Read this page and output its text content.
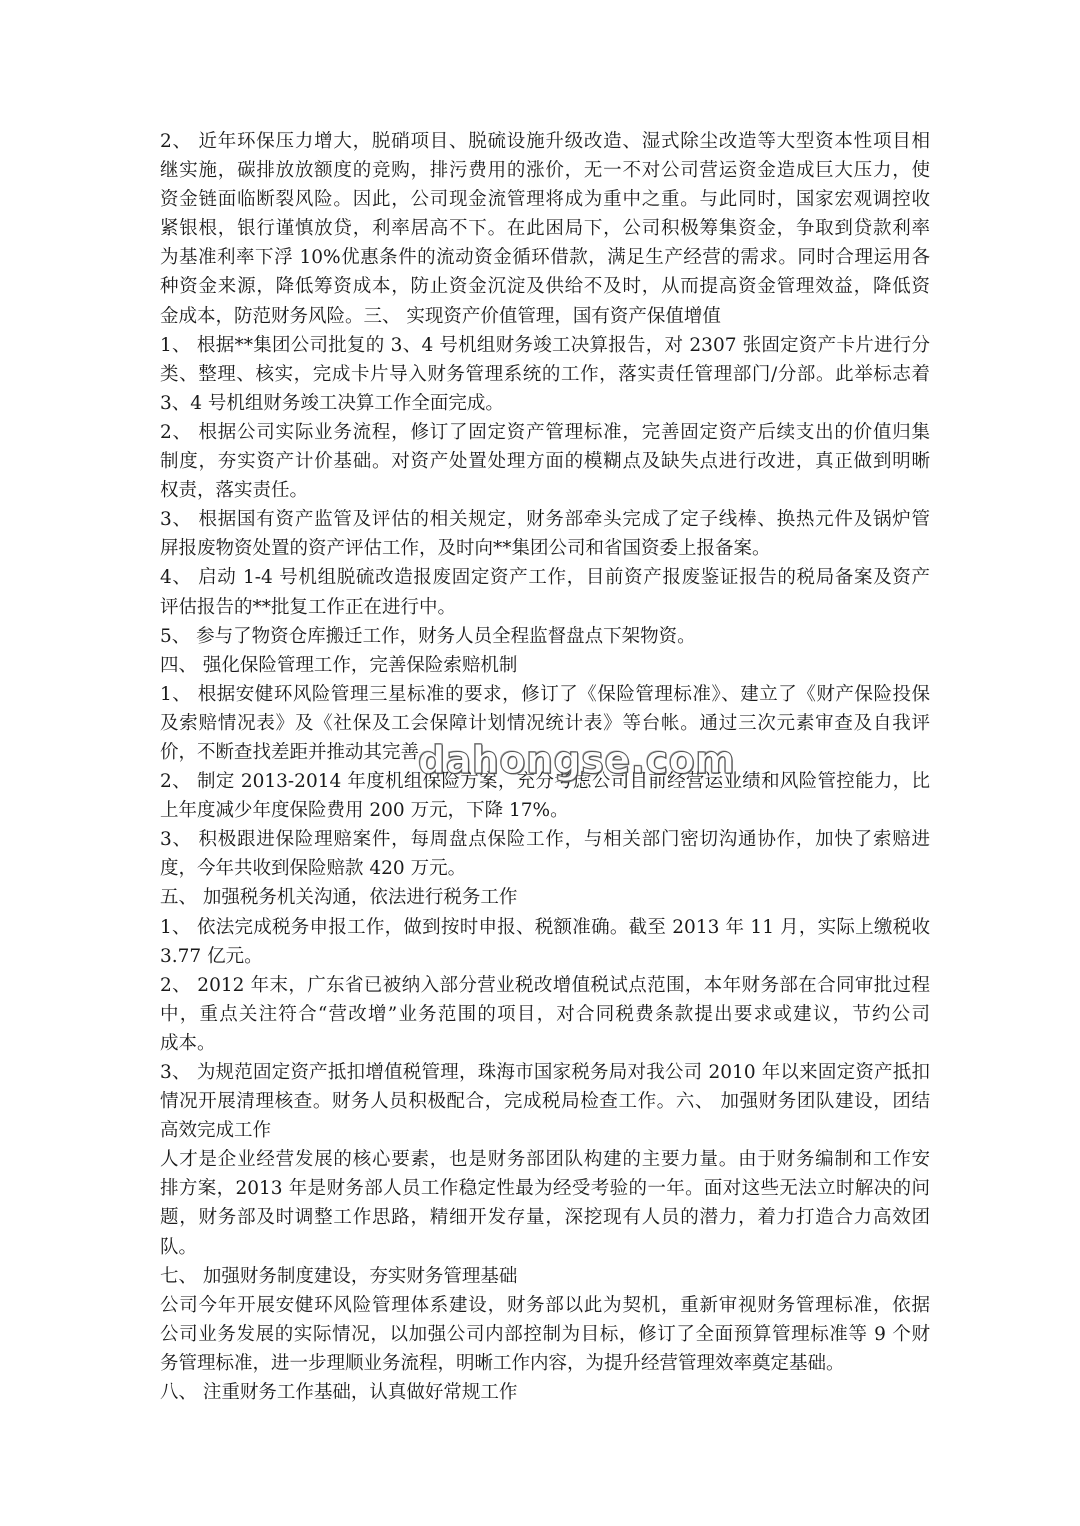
2、 近年环保压力增大，脱硝项目、脱硫设施升级改造、湿式除尘改造等大型资本性项目相
继实施，碳排放放额度的竞购，排污费用的涨价，无一不对公司营运资金造成巨大压力，使
资金链面临断裂风险。因此，公司现金流管理将成为重中之重。与此同时，国家宏观调控收
紧银根，银行谨慎放贷，利率居高不下。在此困局下，公司积极筹集资金，争取到贷款利率
为基准利率下浮 10%优惠条件的流动资金循环借款，满足生产经营的需求。同时合理运用各
种资金来源，降低筹资成本，防止资金沉淀及供给不及时，从而提高资金管理效益，降低资
金成本，防范财务风险。三、 实现资产价值管理，国有资产保值增值
1、 根据**集团公司批复的 3、4 号机组财务竣工决算报告，对 2307 张固定资产卡片进行分
类、整理、核实，完成卡片导入财务管理系统的工作，落实责任管理部门/分部。此举标志着
3、4 号机组财务竣工决算工作全面完成。
2、 根据公司实际业务流程，修订了固定资产管理标准，完善固定资产后续支出的价值归集
制度，夯实资产计价基础。对资产处置处理方面的模糊点及缺失点进行改进，真正做到明晰
权责，落实责任。
3、 根据国有资产监管及评估的相关规定，财务部牵头完成了定子线棒、换热元件及锅炉管
屏报废物资处置的资产评估工作，及时向**集团公司和省国资委上报备案。
4、 启动 1-4 号机组脱硫改造报废固定资产工作，目前资产报废鉴证报告的税局备案及资产
评估报告的**批复工作正在进行中。
5、 参与了物资仓库搬迁工作，财务人员全程监督盘点下架物资。
四、 强化保险管理工作，完善保险索赔机制
1、 根据安健环风险管理三星标准的要求，修订了《保险管理标准》、建立了《财产保险投保
及索赔情况表》及《社保及工会保障计划情况统计表》等台帐。通过三次元素审查及自我评
价，不断查找差距并推动其完善。
2、 制定 2013-2014 年度机组保险方案，充分考虑公司目前经营运业绩和风险管控能力，比
上年度减少年度保险费用 200 万元，下降 17%。
3、 积极跟进保险理赔案件，每周盘点保险工作，与相关部门密切沟通协作，加快了索赔进
度，今年共收到保险赔款 420 万元。
五、 加强税务机关沟通，依法进行税务工作
1、 依法完成税务申报工作，做到按时申报、税额准确。截至 2013 年 11 月，实际上缴税收
3.77 亿元。
2、 2012 年末，广东省已被纳入部分营业税改增值税试点范围，本年财务部在合同审批过程
中，重点关注符合“营改增”业务范围的项目，对合同税费条款提出要求或建议，节约公司
成本。
3、 为规范固定资产抵扣增值税管理，珠海市国家税务局对我公司 2010 年以来固定资产抵扣
情况开展清理核查。财务人员积极配合，完成税局检查工作。六、 加强财务团队建设，团结
高效完成工作
人才是企业经营发展的核心要素，也是财务部团队构建的主要力量。由于财务编制和工作安
排方案，2013 年是财务部人员工作稳定性最为经受考验的一年。面对这些无法立时解决的问
题，财务部及时调整工作思路，精细开发存量，深挖现有人员的潜力，着力打造合力高效团
队。
七、 加强财务制度建设，夯实财务管理基础
公司今年开展安健环风险管理体系建设，财务部以此为契机，重新审视财务管理标准，依据
公司业务发展的实际情况，以加强公司内部控制为目标，修订了全面预算管理标准等 9 个财
务管理标准，进一步理顺业务流程，明晰工作内容，为提升经营管理效率奠定基础。
八、 注重财务工作基础，认真做好常规工作
dahongse.com
